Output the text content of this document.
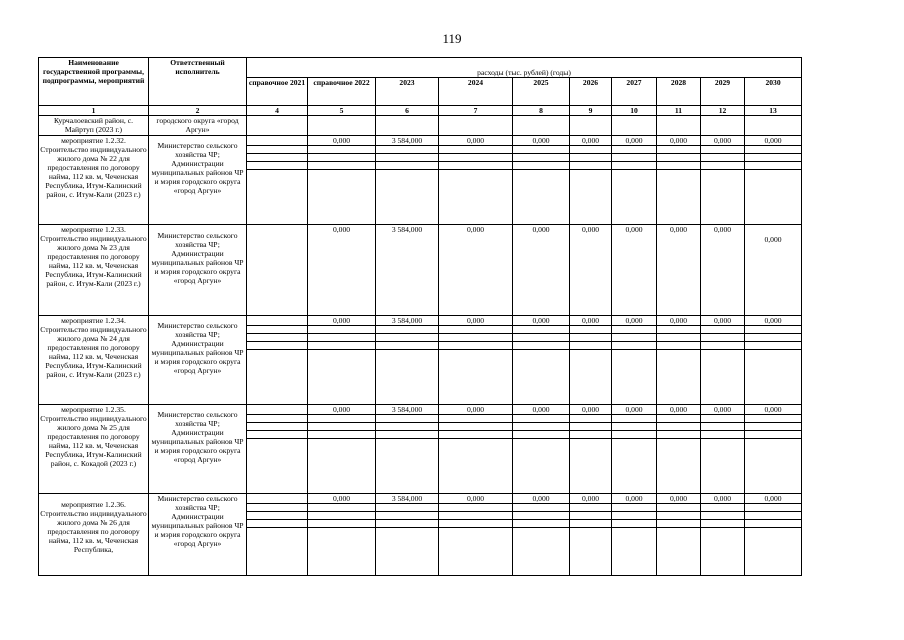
119
Наименование государственной программы, подпрограммы, мероприятий	Ответственный исполнитель	расходы (тыс. рублей) (годы)									
		справочное 2021	справочное 2022	2023	2024	2025	2026	2027	2028	2029	2030
1	2	4	5	6	7	8	9	10	11	12	13
Курчалоевский район, с. Майртуп (2023 г.)	городского округа «город Аргун»										
мероприятие 1.2.32. Строительство индивидуального жилого дома № 22 для предоставления по договору найма, 112 кв. м, Чеченская Республика, Итум-Калинский район, с. Итум-Кали (2023 г.)	Министерство сельского хозяйства ЧР; Администрации муниципальных районов ЧР и мэрия городского округа «город Аргун»		0,000	3 584,000	0,000	0,000	0,000	0,000	0,000	0,000	0,000

мероприятие 1.2.33. Строительство индивидуального жилого дома № 23 для предоставления по договору найма, 112 кв. м, Чеченская Республика, Итум-Калинский район, с. Итум-Кали (2023 г.)	Министерство сельского хозяйства ЧР; Администрации муниципальных районов ЧР и мэрия городского округа «город Аргун»		0,000	3 584,000	0,000	0,000	0,000	0,000	0,000	0,000	0,000
мероприятие 1.2.34. Строительство индивидуального жилого дома № 24 для предоставления по договору найма, 112 кв. м, Чеченская Республика, Итум-Калинский район, с. Итум-Кали (2023 г.)	Министерство сельского хозяйства ЧР; Администрации муниципальных районов ЧР и мэрия городского округа «город Аргун»		0,000	3 584,000	0,000	0,000	0,000	0,000	0,000	0,000	0,000

мероприятие 1.2.35. Строительство индивидуального жилого дома № 25 для предоставления по договору найма, 112 кв. м, Чеченская Республика, Итум-Калинский район, с. Кокадой (2023 г.)	Министерство сельского хозяйства ЧР; Администрации муниципальных районов ЧР и мэрия городского округа «город Аргун»		0,000	3 584,000	0,000	0,000	0,000	0,000	0,000	0,000	0,000

мероприятие 1.2.36. Строительство индивидуального жилого дома № 26 для предоставления по договору найма, 112 кв. м, Чеченская Республика,	Министерство сельского хозяйства ЧР; Администрации муниципальных районов ЧР и мэрия городского округа «город Аргун»		0,000	3 584,000	0,000	0,000	0,000	0,000	0,000	0,000	0,000
